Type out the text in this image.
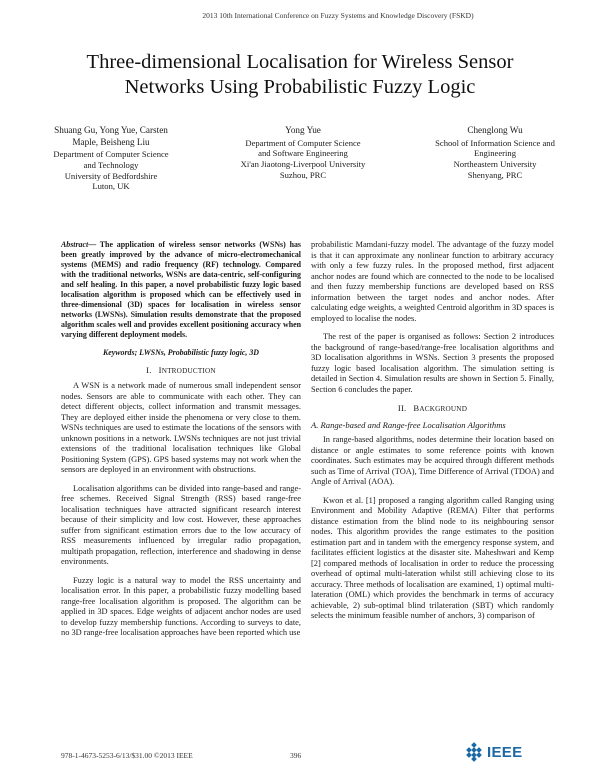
2013 10th International Conference on Fuzzy Systems and Knowledge Discovery (FSKD)
Three-dimensional Localisation for Wireless Sensor
Networks Using Probabilistic Fuzzy Logic
Shuang Gu, Yong Yue, Carsten
Maple, Beisheng Liu
Department of Computer Science
and Technology
University of Bedfordshire
Luton, UK
Yong Yue
Department of Computer Science
and Software Engineering
Xi'an Jiaotong-Liverpool University
Suzhou, PRC
Chenglong Wu
School of Information Science and
Engineering
Northeastern University
Shenyang, PRC

Abstract— The application of wireless sensor networks (WSNs) has been greatly improved by the advance of micro-electromechanical systems (MEMS) and radio frequency (RF) technology. Compared with the traditional networks, WSNs are data-centric, self-configuring and self healing. In this paper, a novel probabilistic fuzzy logic based localisation algorithm is proposed which can be effectively used in three-dimensional (3D) spaces for localisation in wireless sensor networks (LWSNs). Simulation results demonstrate that the proposed algorithm scales well and provides excellent positioning accuracy when varying different deployment models.

Keywords; LWSNs, Probabilistic fuzzy logic, 3D

I. INTRODUCTION

A WSN is a network made of numerous small independent sensor nodes. Sensors are able to communicate with each other. They can detect different objects, collect information and transmit messages. They are deployed either inside the phenomena or very close to them. WSNs techniques are used to estimate the locations of the sensors with unknown positions in a network. LWSNs techniques are not just trivial extensions of the traditional localisation techniques like Global Positioning System (GPS). GPS based systems may not work when the sensors are deployed in an environment with obstructions.

Localisation algorithms can be divided into range-based and range-free schemes. Received Signal Strength (RSS) based range-free localisation techniques have attracted significant research interest because of their simplicity and low cost. However, these approaches suffer from significant estimation errors due to the low accuracy of RSS measurements influenced by irregular radio propagation, multipath propagation, reflection, interference and shadowing in dense environments.

Fuzzy logic is a natural way to model the RSS uncertainty and localisation error. In this paper, a probabilistic fuzzy modelling based range-free localisation algorithm is proposed. The algorithm can be applied in 3D spaces. Edge weights of adjacent anchor nodes are used to develop fuzzy membership functions. According to surveys to date, no 3D range-free localisation approaches have been reported which use

probabilistic Mamdani-fuzzy model. The advantage of the fuzzy model is that it can approximate any nonlinear function to arbitrary accuracy with only a few fuzzy rules. In the proposed method, first adjacent anchor nodes are found which are connected to the node to be localised and then fuzzy membership functions are developed based on RSS information between the target nodes and anchor nodes. After calculating edge weights, a weighted Centroid algorithm in 3D spaces is employed to localise the nodes.

The rest of the paper is organised as follows: Section 2 introduces the background of range-based/range-free localisation algorithms and 3D localisation algorithms in WSNs. Section 3 presents the proposed fuzzy logic based localisation algorithm. The simulation setting is detailed in Section 4. Simulation results are shown in Section 5. Finally, Section 6 concludes the paper.

II. BACKGROUND
A. Range-based and Range-free Localisation Algorithms

In range-based algorithms, nodes determine their location based on distance or angle estimates to some reference points with known coordinates. Such estimates may be acquired through different methods such as Time of Arrival (TOA), Time Difference of Arrival (TDOA) and Angle of Arrival (AOA).

Kwon et al. [1] proposed a ranging algorithm called Ranging using Environment and Mobility Adaptive (REMA) Filter that performs distance estimation from the blind node to its neighbouring sensor nodes. This algorithm provides the range estimates to the position estimation part and in tandem with the emergency response system, and facilitates efficient logistics at the disaster site. Maheshwari and Kemp [2] compared methods of localisation in order to reduce the processing overhead of optimal multi-lateration whilst still achieving close to its accuracy. Three methods of localisation are examined, 1) optimal multi-lateration (OML) which provides the benchmark in terms of accuracy achievable, 2) sub-optimal blind trilateration (SBT) which randomly selects the minimum feasible number of anchors, 3) comparison of

978-1-4673-5253-6/13/$31.00 ©2013 IEEE	396	IEEE
